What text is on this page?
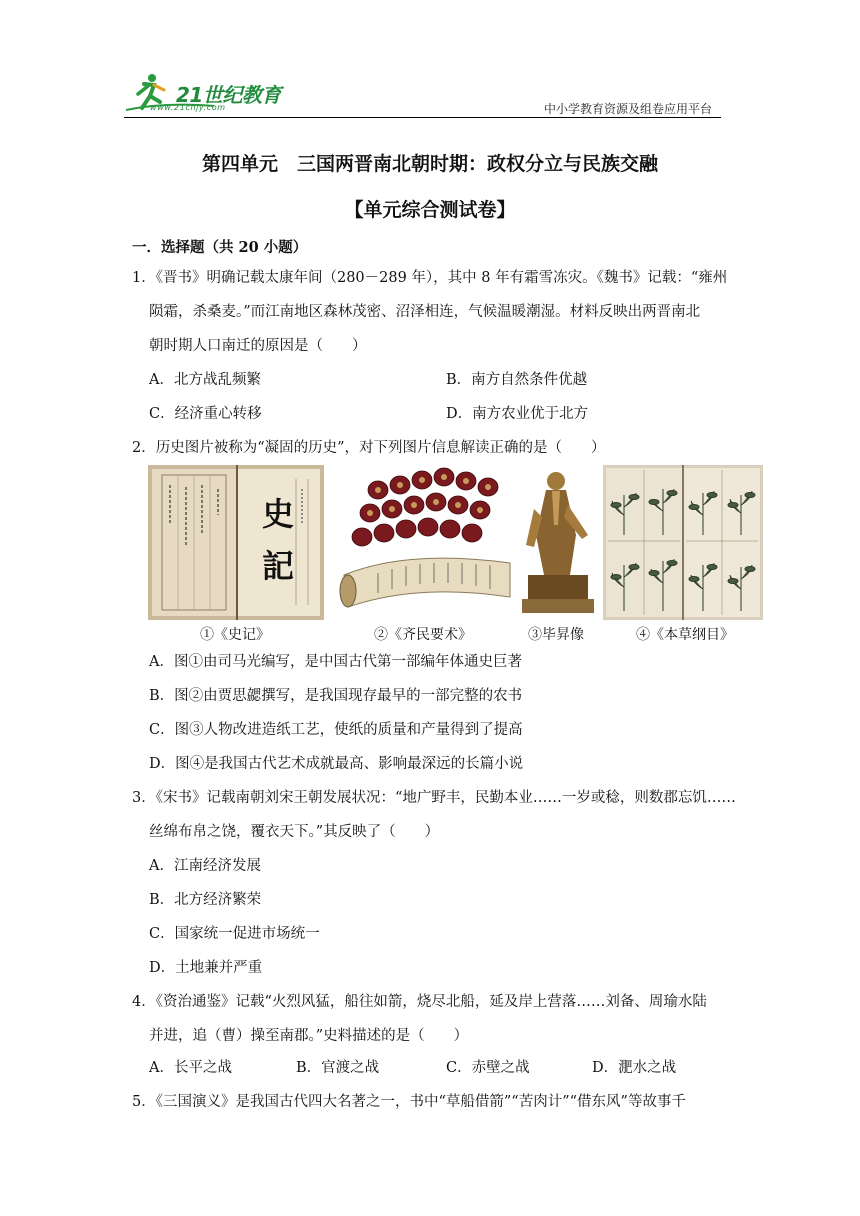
21世纪教育
www.21cnjy.com	中小学教育资源及组卷应用平台
第四单元　三国两晋南北朝时期：政权分立与民族交融
【单元综合测试卷】
一．选择题（共 20 小题）
1．《晋书》明确记载太康年间（280－289 年），其中 8 年有霜雪冻灾。《魏书》记载：“雍州
陨霜，杀桑麦。”而江南地区森林茂密、沼泽相连，气候温暖潮湿。材料反映出两晋南北
朝时期人口南迁的原因是（　　）
A．北方战乱频繁	B．南方自然条件优越
C．经济重心转移	D．南方农业优于北方
2．历史图片被称为“凝固的历史”，对下列图片信息解读正确的是（　　）
史
記
①《史记》	②《齐民要术》	③毕昇像	④《本草纲目》
A．图①由司马光编写，是中国古代第一部编年体通史巨著
B．图②由贾思勰撰写，是我国现存最早的一部完整的农书
C．图③人物改进造纸工艺，使纸的质量和产量得到了提高
D．图④是我国古代艺术成就最高、影响最深远的长篇小说
3．《宋书》记载南朝刘宋王朝发展状况：“地广野丰，民勤本业……一岁或稔，则数郡忘饥……
丝绵布帛之饶，覆衣天下。”其反映了（　　）
A．江南经济发展
B．北方经济繁荣
C．国家统一促进市场统一
D．土地兼并严重
4．《资治通鉴》记载“火烈风猛，船往如箭，烧尽北船，延及岸上营落……刘备、周瑜水陆
并进，追（曹）操至南郡。”史料描述的是（　　）
A．长平之战	B．官渡之战	C．赤壁之战	D．淝水之战
5．《三国演义》是我国古代四大名著之一，书中“草船借箭”“苦肉计”“借东风”等故事千
